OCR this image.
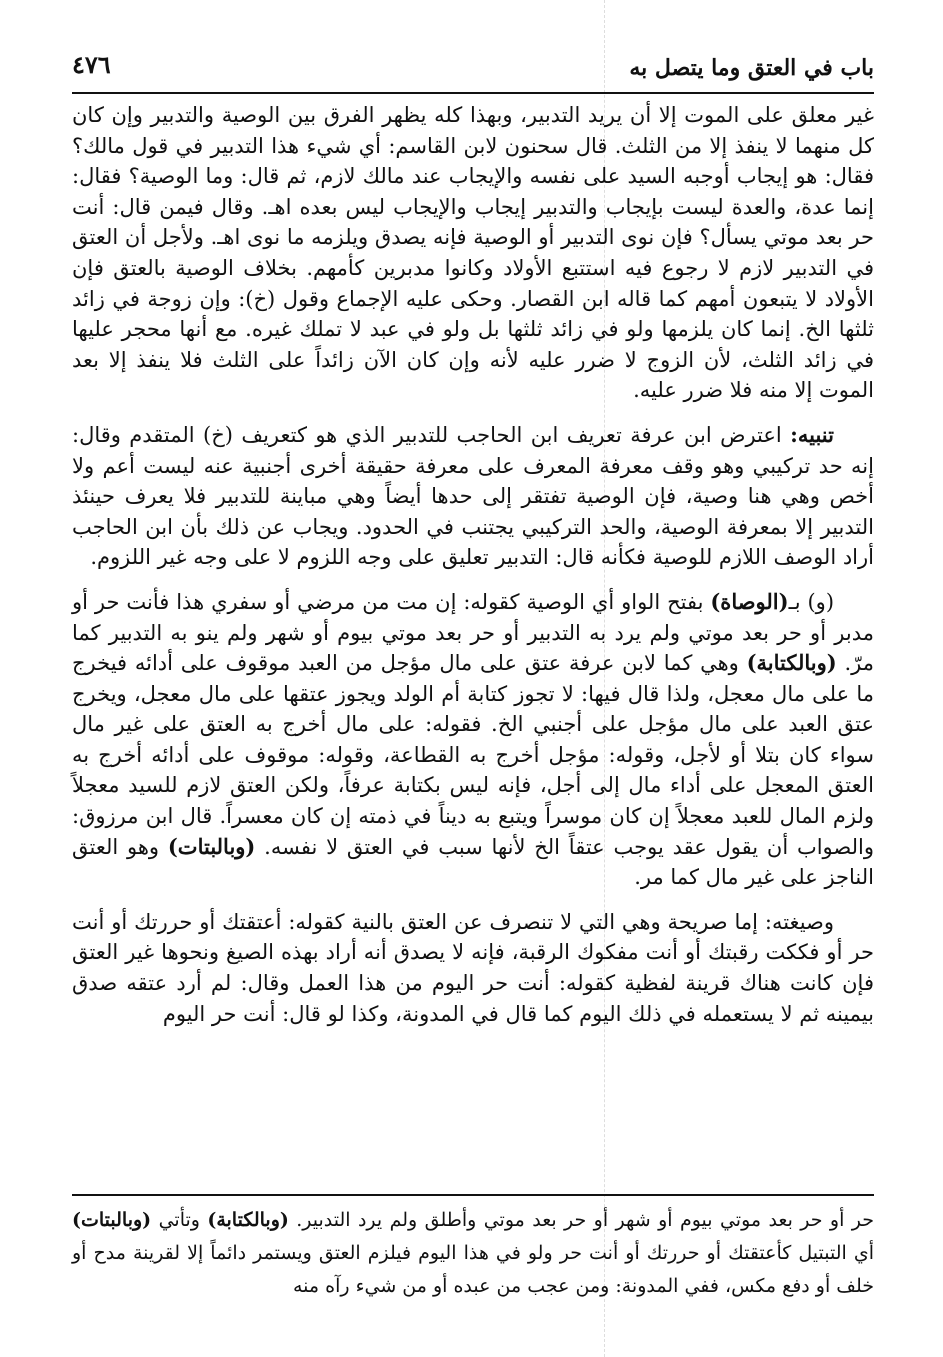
باب في العتق وما يتصل به
٤٧٦

غير معلق على الموت إلا أن يريد التدبير، وبهذا كله يظهر الفرق بين الوصية والتدبير وإن كان كل منهما لا ينفذ إلا من الثلث. قال سحنون لابن القاسم: أي شيء هذا التدبير في قول مالك؟ فقال: هو إيجاب أوجبه السيد على نفسه والإيجاب عند مالك لازم، ثم قال: وما الوصية؟ فقال: إنما عدة، والعدة ليست بإيجاب والتدبير إيجاب والإيجاب ليس بعده اهـ. وقال فيمن قال: أنت حر بعد موتي يسأل؟ فإن نوى التدبير أو الوصية فإنه يصدق ويلزمه ما نوى اهـ. ولأجل أن العتق في التدبير لازم لا رجوع فيه استتبع الأولاد وكانوا مدبرين كأمهم. بخلاف الوصية بالعتق فإن الأولاد لا يتبعون أمهم كما قاله ابن القصار. وحكى عليه الإجماع وقول (خ): وإن زوجة في زائد ثلثها الخ. إنما كان يلزمها ولو في زائد ثلثها بل ولو في عبد لا تملك غيره. مع أنها محجر عليها في زائد الثلث، لأن الزوج لا ضرر عليه لأنه وإن كان الآن زائداً على الثلث فلا ينفذ إلا بعد الموت إلا منه فلا ضرر عليه.

تنبيه: اعترض ابن عرفة تعريف ابن الحاجب للتدبير الذي هو كتعريف (خ) المتقدم وقال: إنه حد تركيبي وهو وقف معرفة المعرف على معرفة حقيقة أخرى أجنبية عنه ليست أعم ولا أخص وهي هنا وصية، فإن الوصية تفتقر إلى حدها أيضاً وهي مباينة للتدبير فلا يعرف حينئذ التدبير إلا بمعرفة الوصية، والحد التركيبي يجتنب في الحدود. ويجاب عن ذلك بأن ابن الحاجب أراد الوصف اللازم للوصية فكأنه قال: التدبير تعليق على وجه اللزوم لا على وجه غير اللزوم.

(و) بـ(الوصاة) بفتح الواو أي الوصية كقوله: إن مت من مرضي أو سفري هذا فأنت حر أو مدبر أو حر بعد موتي ولم يرد به التدبير أو حر بعد موتي بيوم أو شهر ولم ينو به التدبير كما مرّ. (وبالكتابة) وهي كما لابن عرفة عتق على مال مؤجل من العبد موقوف على أدائه فيخرج ما على مال معجل، ولذا قال فيها: لا تجوز كتابة أم الولد ويجوز عتقها على مال معجل، ويخرج عتق العبد على مال مؤجل على أجنبي الخ. فقوله: على مال أخرج به العتق على غير مال سواء كان بتلا أو لأجل، وقوله: مؤجل أخرج به القطاعة، وقوله: موقوف على أدائه أخرج به العتق المعجل على أداء مال إلى أجل، فإنه ليس بكتابة عرفاً، ولكن العتق لازم للسيد معجلاً ولزم المال للعبد معجلاً إن كان موسراً ويتبع به ديناً في ذمته إن كان معسراً. قال ابن مرزوق: والصواب أن يقول عقد يوجب عتقاً الخ لأنها سبب في العتق لا نفسه. (وبالبتات) وهو العتق الناجز على غير مال كما مر.

وصيغته: إما صريحة وهي التي لا تنصرف عن العتق بالنية كقوله: أعتقتك أو حررتك أو أنت حر أو فككت رقبتك أو أنت مفكوك الرقبة، فإنه لا يصدق أنه أراد بهذه الصيغ ونحوها غير العتق فإن كانت هناك قرينة لفظية كقوله: أنت حر اليوم من هذا العمل وقال: لم أرد عتقه صدق بيمينه ثم لا يستعمله في ذلك اليوم كما قال في المدونة، وكذا لو قال: أنت حر اليوم

حر أو حر بعد موتي بيوم أو شهر أو حر بعد موتي وأطلق ولم يرد التدبير. (وبالكتابة) وتأتي (وبالبتات) أي التبتيل كأعتقتك أو حررتك أو أنت حر ولو في هذا اليوم فيلزم العتق ويستمر دائماً إلا لقرينة مدح أو خلف أو دفع مكس، ففي المدونة: ومن عجب من عبده أو من شيء رآه منه
